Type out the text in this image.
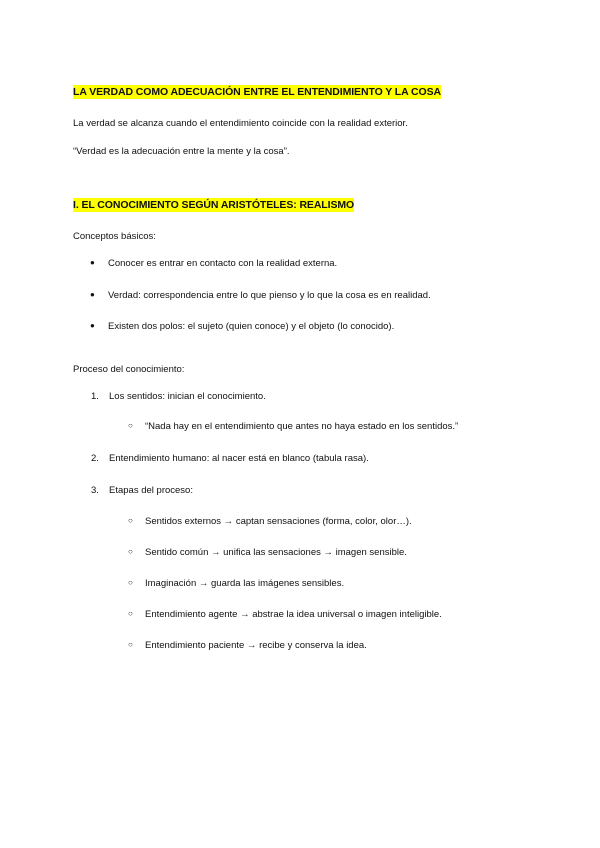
LA VERDAD COMO ADECUACIÓN ENTRE EL ENTENDIMIENTO Y LA COSA
La verdad se alcanza cuando el entendimiento coincide con la realidad exterior.
“Verdad es la adecuación entre la mente y la cosa”.
I. EL CONOCIMIENTO SEGÚN ARISTÓTELES: REALISMO
Conceptos básicos:
● Conocer es entrar en contacto con la realidad externa.
● Verdad: correspondencia entre lo que pienso y lo que la cosa es en realidad.
● Existen dos polos: el sujeto (quien conoce) y el objeto (lo conocido).
Proceso del conocimiento:
1. Los sentidos: inician el conocimiento.
○ “Nada hay en el entendimiento que antes no haya estado en los sentidos.”
2. Entendimiento humano: al nacer está en blanco (tabula rasa).
3. Etapas del proceso:
○ Sentidos externos → captan sensaciones (forma, color, olor…).
○ Sentido común → unifica las sensaciones → imagen sensible.
○ Imaginación → guarda las imágenes sensibles.
○ Entendimiento agente → abstrae la idea universal o imagen inteligible.
○ Entendimiento paciente → recibe y conserva la idea.
